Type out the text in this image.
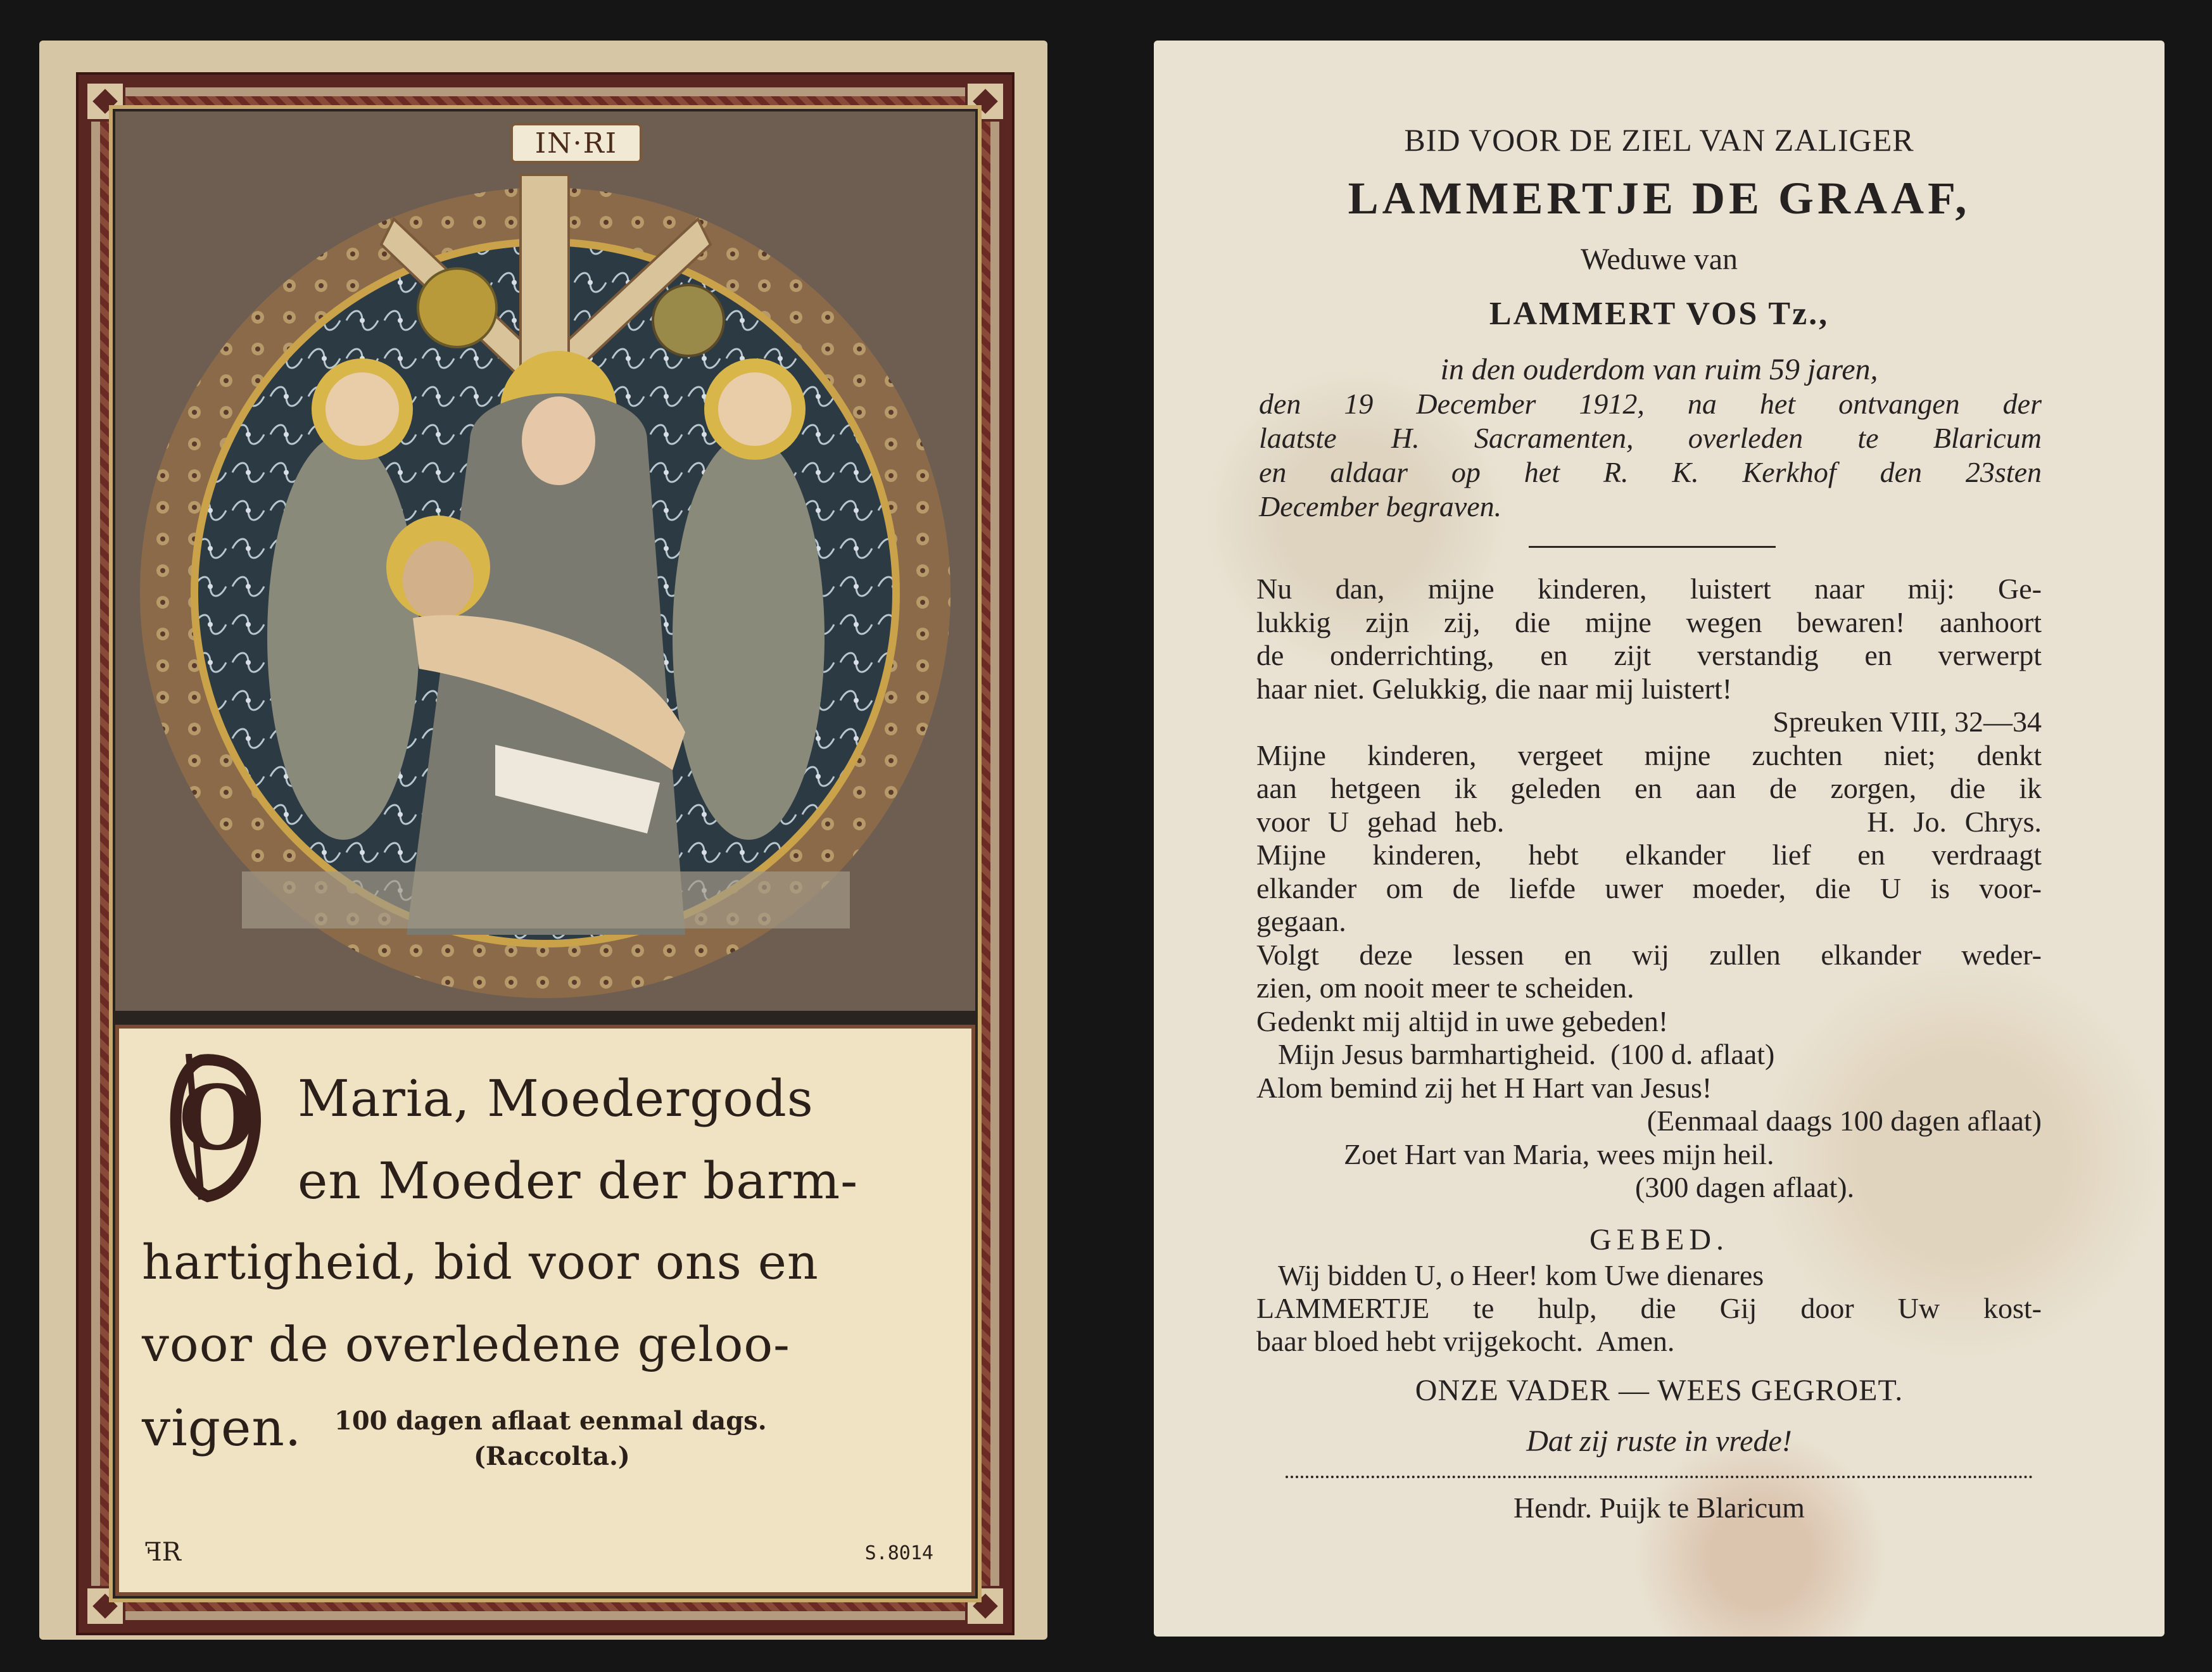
IN·RI
O Maria, Moedergods
en Moeder der barm-
hartigheid, bid voor ons en
voor de overledene geloo-
vigen. 100 dagen aflaat eenmal dags.
(Raccolta.)
ꟻR	S.8014
BID VOOR DE ZIEL VAN ZALIGER
LAMMERTJE DE GRAAF,
Weduwe van
LAMMERT VOS Tz.,
in den ouderdom van ruim 59 jaren,
den 19 December 1912, na het ontvangen der
laatste H. Sacramenten, overleden te Blaricum
en aldaar op het R. K. Kerkhof den 23sten
December begraven.
Nu dan, mijne kinderen, luistert naar mij: Ge-
lukkig zijn zij, die mijne wegen bewaren! aanhoort
de onderrichting, en zijt verstandig en verwerpt
haar niet. Gelukkig, die naar mij luistert!
Spreuken VIII, 32—34
Mijne kinderen, vergeet mijne zuchten niet; denkt
aan hetgeen ik geleden en aan de zorgen, die ik
voor U gehad heb.                    H. Jo. Chrys.
Mijne kinderen, hebt elkander lief en verdraagt
elkander om de liefde uwer moeder, die U is voor-
gegaan.
Volgt deze lessen en wij zullen elkander weder-
zien, om nooit meer te scheiden.
Gedenkt mij altijd in uwe gebeden!
Mijn Jesus barmhartigheid.  (100 d. aflaat)
Alom bemind zij het H Hart van Jesus!
(Eenmaal daags 100 dagen aflaat)
Zoet Hart van Maria, wees mijn heil.
(300 dagen aflaat).
GEBED.
Wij bidden U, o Heer! kom Uwe dienares
LAMMERTJE te hulp, die Gij door Uw kost-
baar bloed hebt vrijgekocht.  Amen.
ONZE VADER — WEES GEGROET.
Dat zij ruste in vrede!
Hendr. Puijk te Blaricum
